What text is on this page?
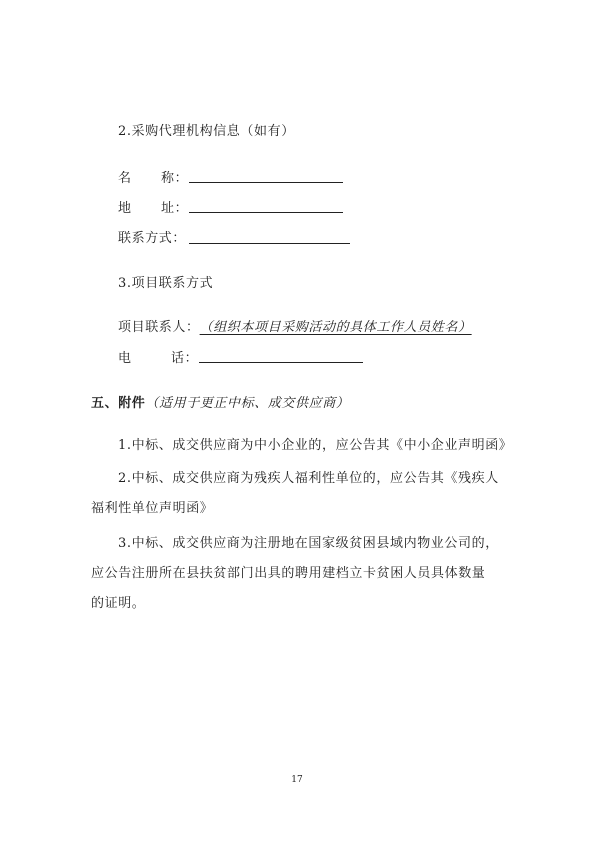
2.采购代理机构信息（如有）
名 称：
地 址：
联系方式：
3.项目联系方式
项目联系人：（组织本项目采购活动的具体工作人员姓名）
电	话：
五、附件（适用于更正中标、成交供应商）
1.中标、成交供应商为中小企业的，应公告其《中小企业声明函》
2.中标、成交供应商为残疾人福利性单位的，应公告其《残疾人
福利性单位声明函》
3.中标、成交供应商为注册地在国家级贫困县域内物业公司的，
应公告注册所在县扶贫部门出具的聘用建档立卡贫困人员具体数量
的证明。
17
